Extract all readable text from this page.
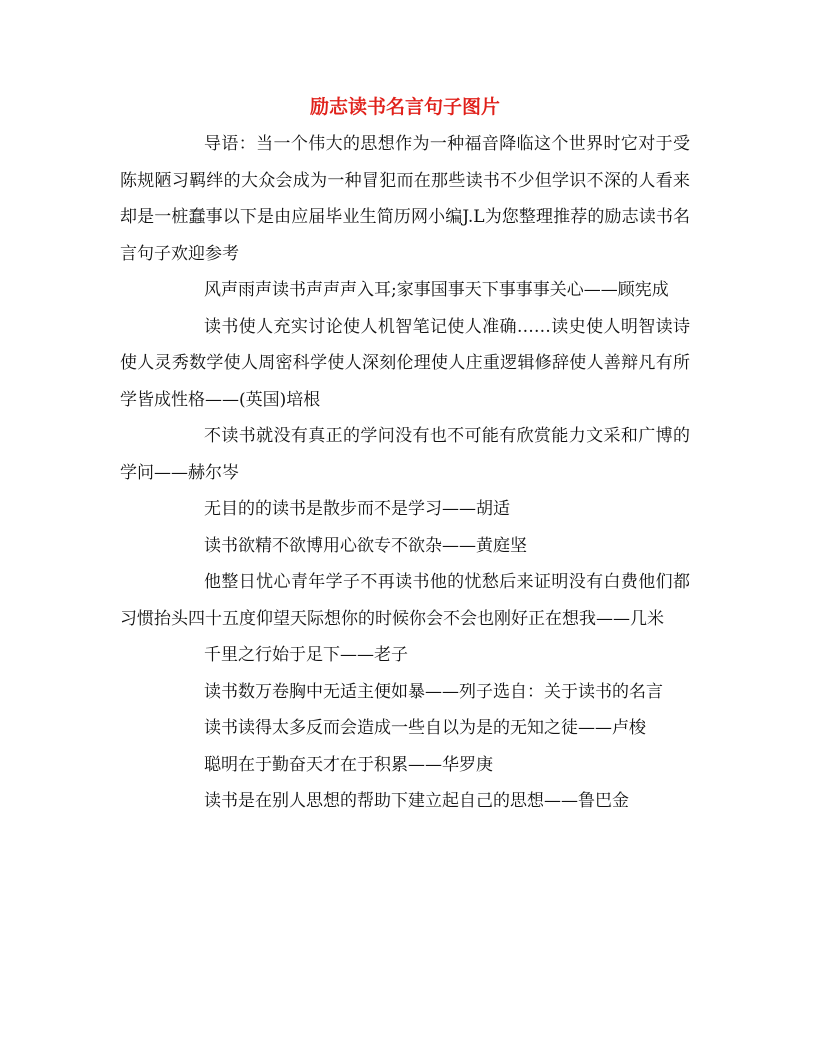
励志读书名言句子图片

导语：当一个伟大的思想作为一种福音降临这个世界时它对于受陈规陋习羁绊的大众会成为一种冒犯而在那些读书不少但学识不深的人看来却是一桩蠢事以下是由应届毕业生简历网小编J.L为您整理推荐的励志读书名言句子欢迎参考

风声雨声读书声声声入耳;家事国事天下事事事关心——顾宪成

读书使人充实讨论使人机智笔记使人准确……读史使人明智读诗使人灵秀数学使人周密科学使人深刻伦理使人庄重逻辑修辞使人善辩凡有所学皆成性格——(英国)培根

不读书就没有真正的学问没有也不可能有欣赏能力文采和广博的学问——赫尔岑

无目的的读书是散步而不是学习——胡适

读书欲精不欲博用心欲专不欲杂——黄庭坚

他整日忧心青年学子不再读书他的忧愁后来证明没有白费他们都习惯抬头四十五度仰望天际想你的时候你会不会也刚好正在想我——几米

千里之行始于足下——老子

读书数万卷胸中无适主便如暴——列子选自：关于读书的名言

读书读得太多反而会造成一些自以为是的无知之徒——卢梭

聪明在于勤奋天才在于积累——华罗庚

读书是在别人思想的帮助下建立起自己的思想——鲁巴金
